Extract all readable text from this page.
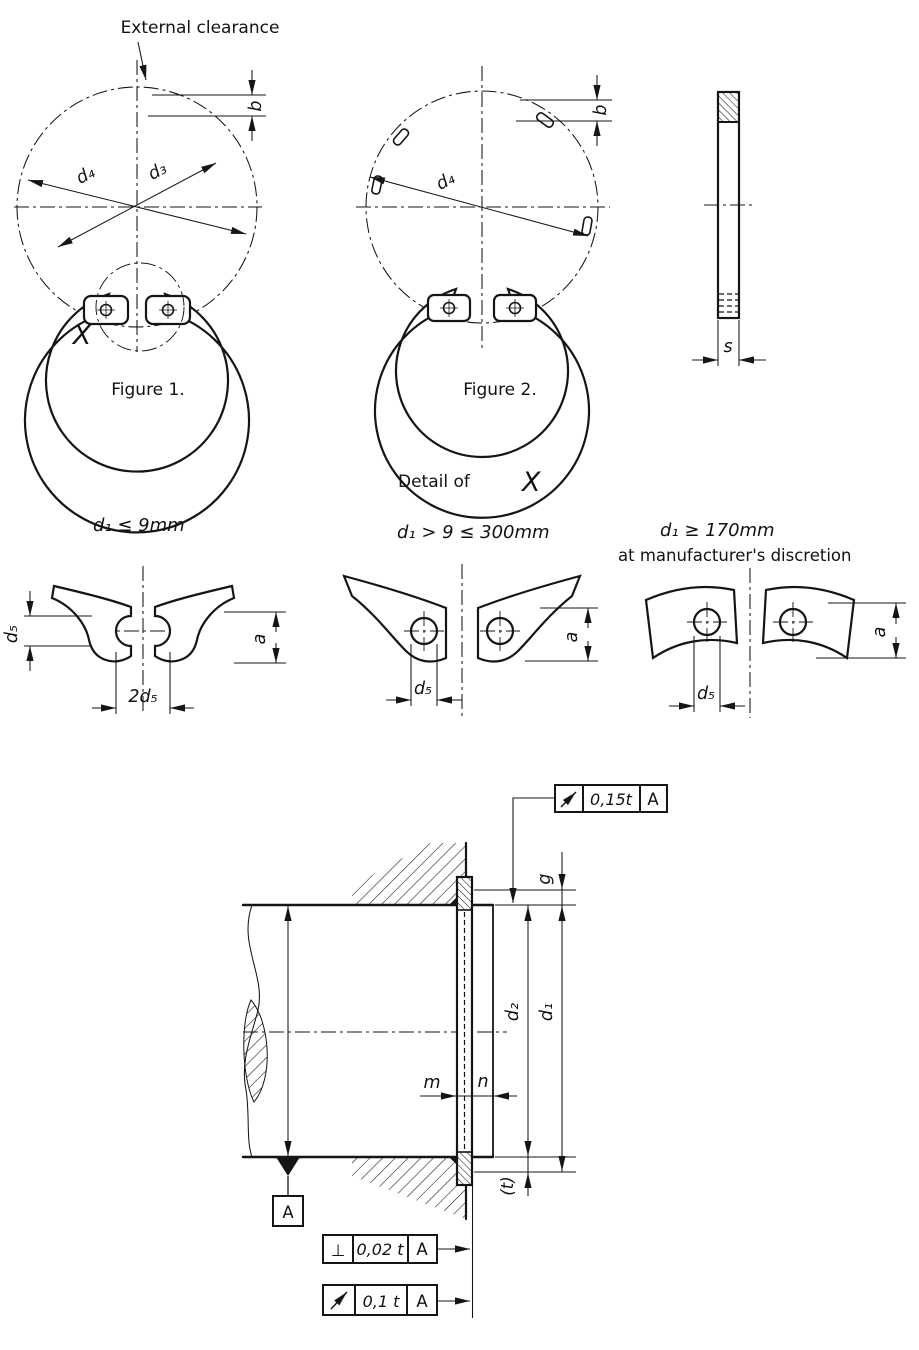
External clearance
b
d₃
d₄
X
Figure 1.
b
d₄
Figure 2.
s
Detail of X
d₁ ≤ 9mm
d₅	a
2d₅
d₁ > 9 ≤ 300mm
d₅
a
d₁ ≥ 170mm
at manufacturer's discretion
d₅
a
0,15t A
A
d₂
(t)
g
d₁
m n
⊥ 0,02 t A
0,1 t A
